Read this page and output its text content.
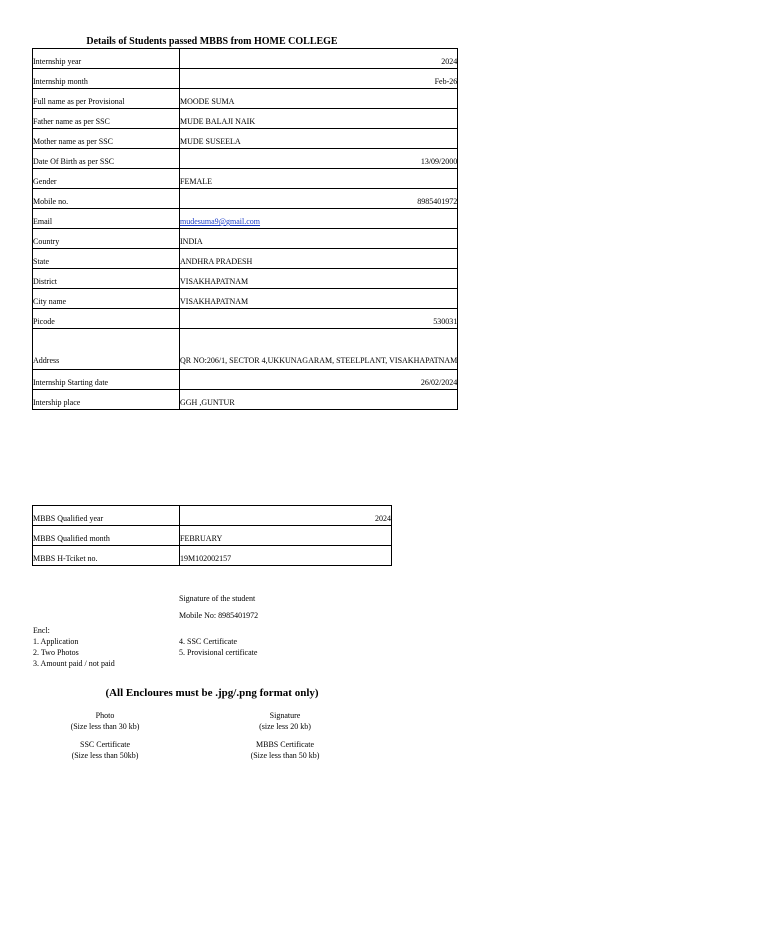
Details of Students passed MBBS from HOME COLLEGE
Internship year	2024
Internship month	Feb-26
Full name as per Provisional	MOODE SUMA
Father name as per SSC	MUDE BALAJI NAIK
Mother name as per SSC	MUDE SUSEELA
Date Of Birth as per SSC	13/09/2000
Gender	FEMALE
Mobile no.	8985401972
Email	mudesuma9@gmail.com
Country	INDIA
State	ANDHRA PRADESH
District	VISAKHAPATNAM
City name	VISAKHAPATNAM
Picode	530031
Address	QR NO:206/1, SECTOR 4,UKKUNAGARAM, STEELPLANT, VISAKHAPATNAM
Internship Starting date	26/02/2024
Intership place	GGH ,GUNTUR
MBBS Qualified year	2024
MBBS Qualified month	FEBRUARY
MBBS H-Tciket no.	19M102002157
Signature of the student
Mobile No: 8985401972
Encl:
1. Application
2. Two Photos
3. Amount paid / not paid
4. SSC Certificate
5. Provisional certificate
(All Encloures must be .jpg/.png format only)
Photo
(Size less than 30 kb)
Signature
(size less 20 kb)
SSC Certificate
(Size less than 50kb)
MBBS Certificate
(Size less than 50 kb)
